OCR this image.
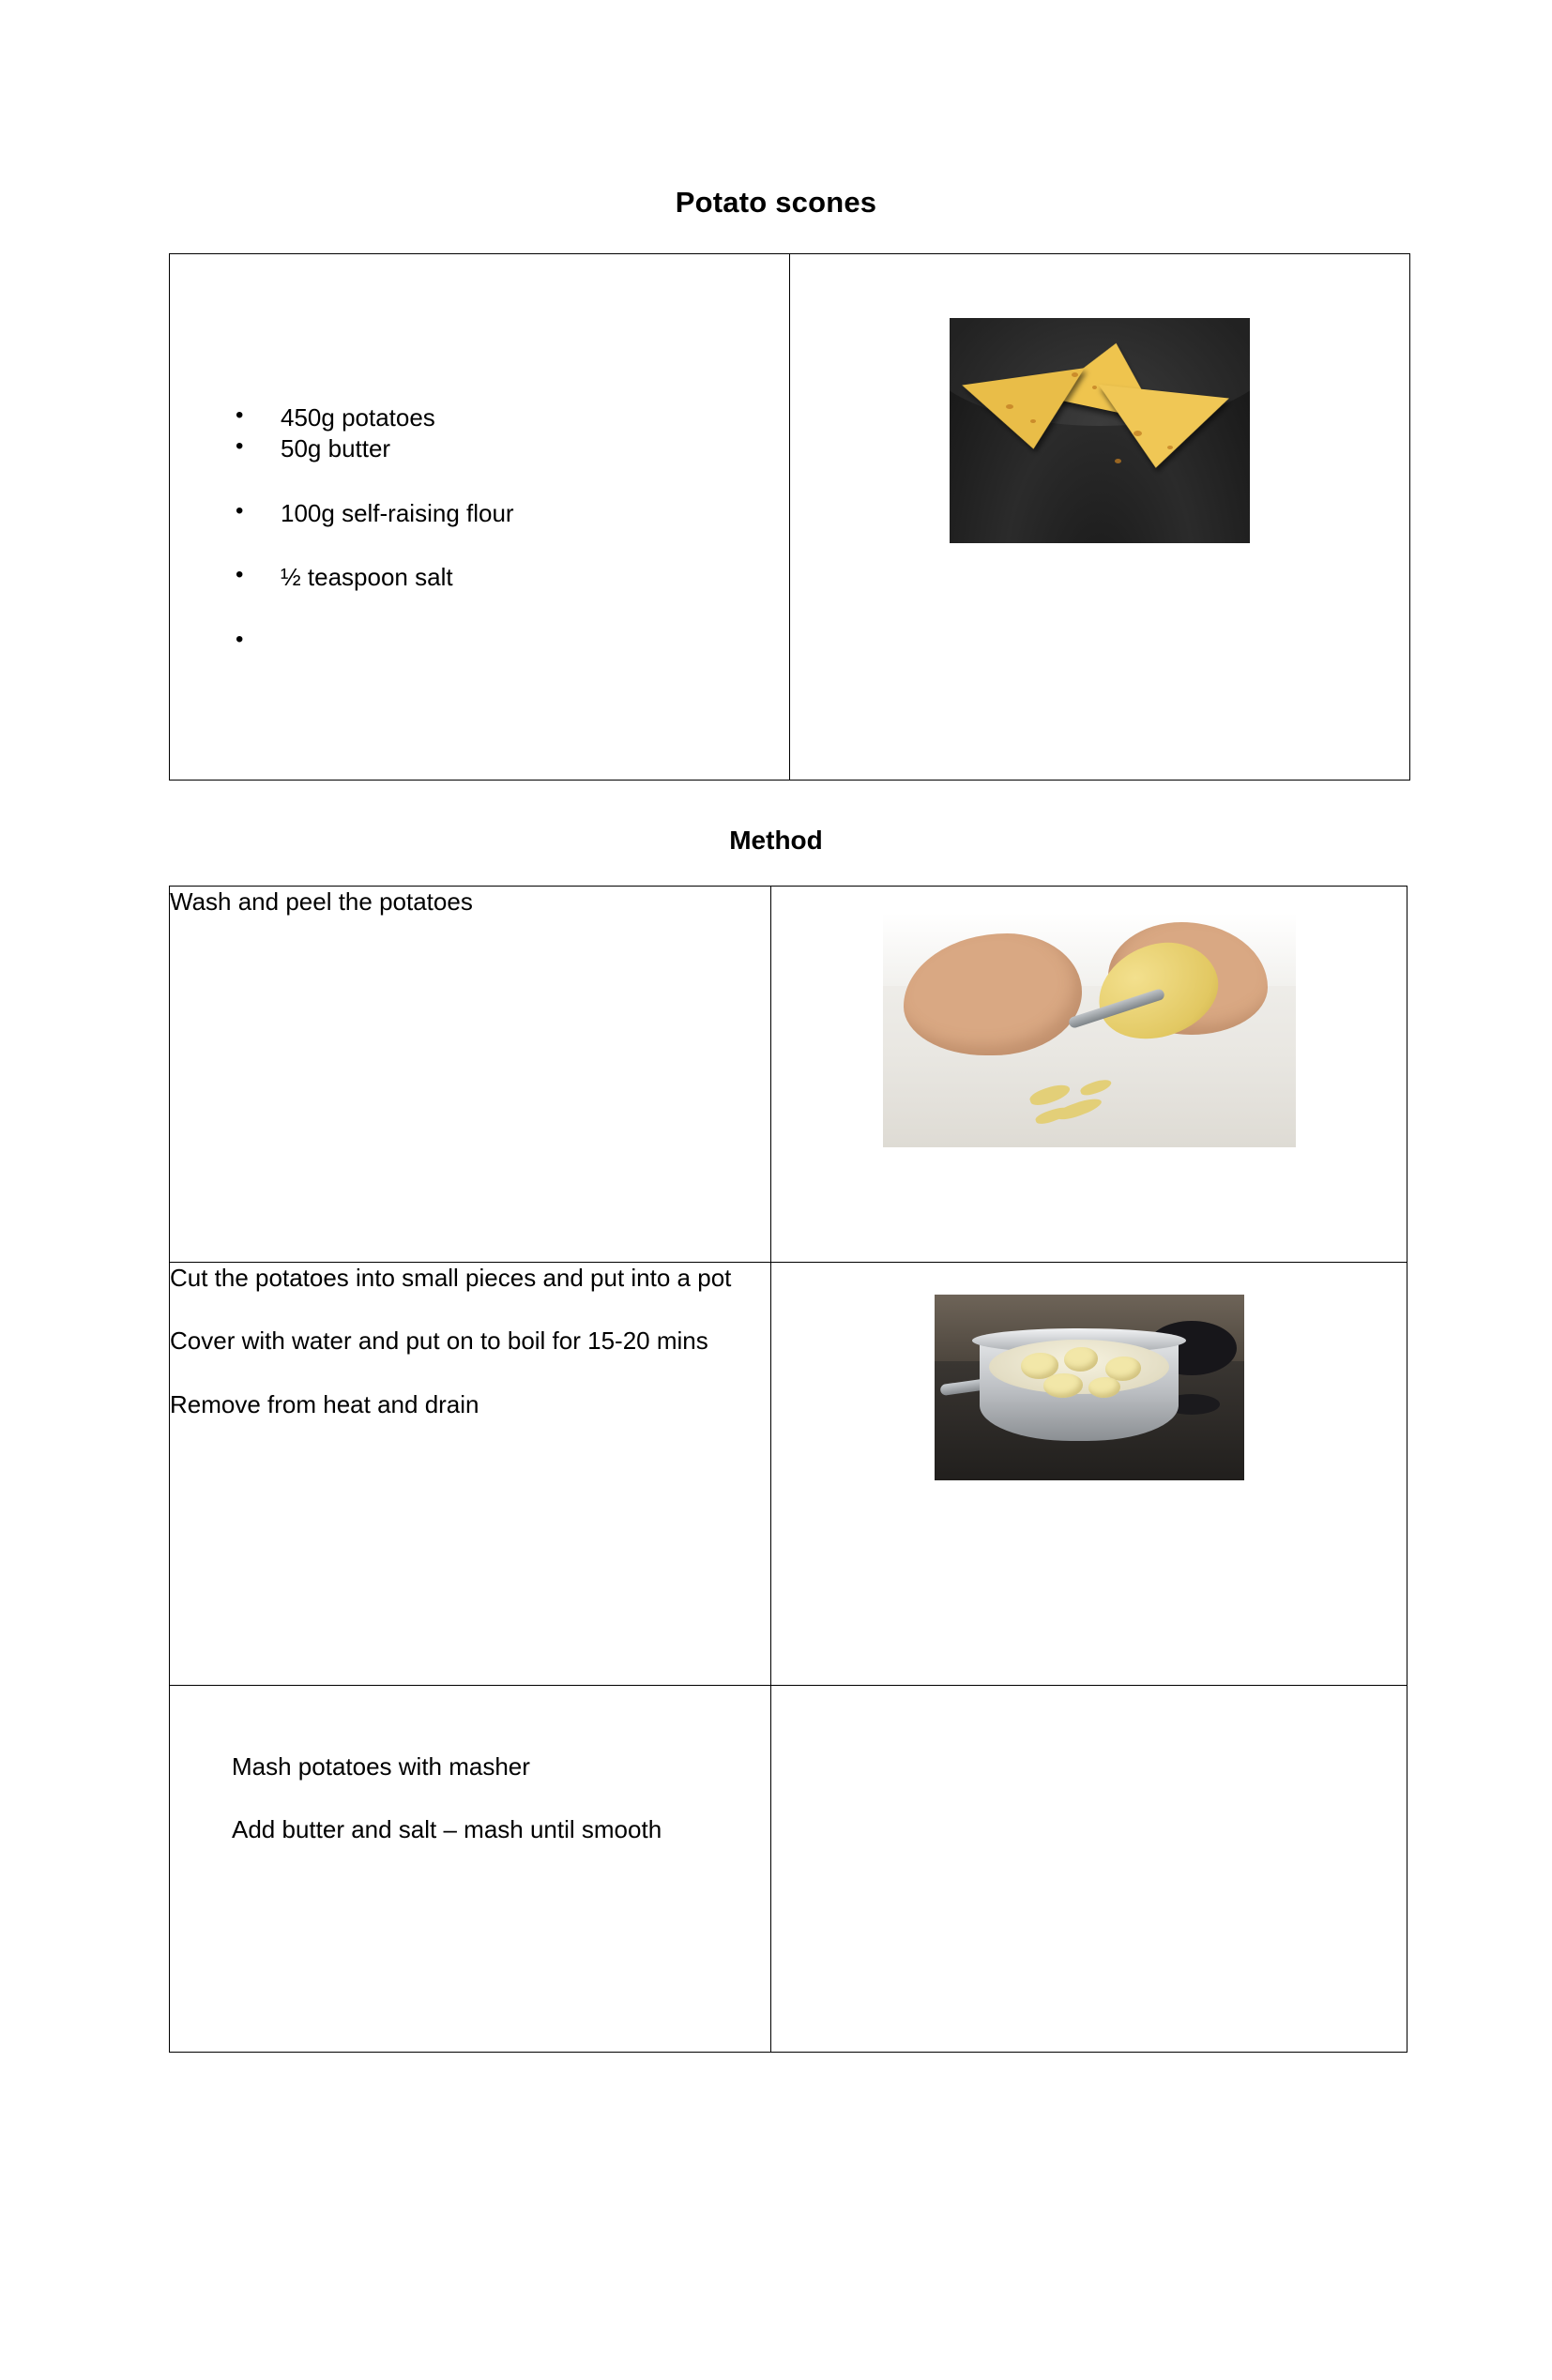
Potato scones
• 450g potatoes
• 50g butter
• 100g self-raising flour
• ½ teaspoon salt
•

Method

Wash and peel the potatoes	

Cut the potatoes into small pieces and put into a pot

Cover with water and put on to boil for 15-20 mins

Remove from heat and drain	

Mash potatoes with masher

Add butter and salt – mash until smooth	
